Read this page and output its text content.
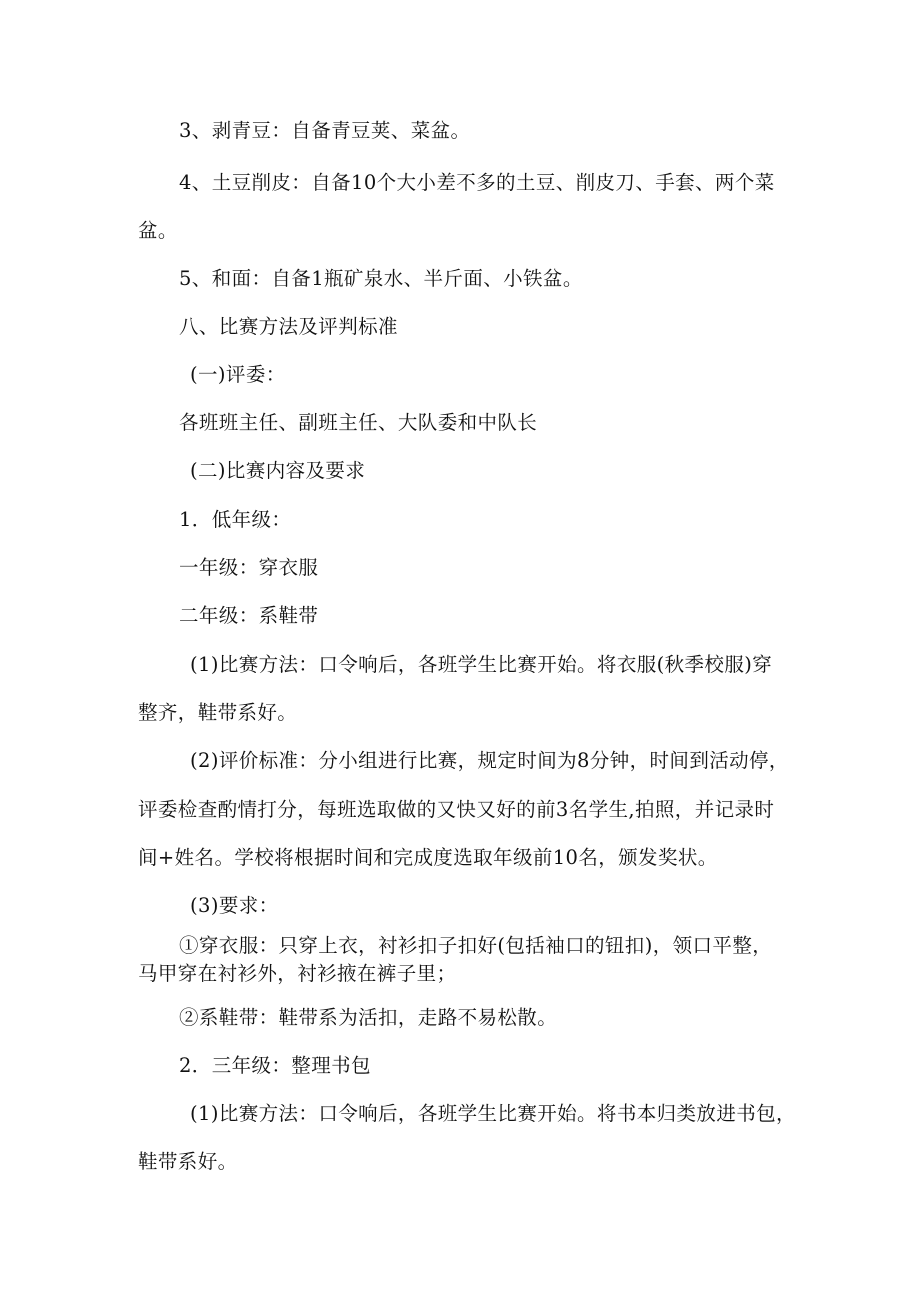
3、剥青豆：自备青豆荚、菜盆。

4、土豆削皮：自备10个大小差不多的土豆、削皮刀、手套、两个菜

盆。

5、和面：自备1瓶矿泉水、半斤面、小铁盆。

八、比赛方法及评判标准

(一)评委：

各班班主任、副班主任、大队委和中队长

(二)比赛内容及要求

1．低年级：

一年级：穿衣服

二年级：系鞋带

(1)比赛方法：口令响后，各班学生比赛开始。将衣服(秋季校服)穿

整齐，鞋带系好。

(2)评价标准：分小组进行比赛，规定时间为8分钟，时间到活动停，

评委检查酌情打分，每班选取做的又快又好的前3名学生,拍照，并记录时

间+姓名。学校将根据时间和完成度选取年级前10名，颁发奖状。

(3)要求：

①穿衣服：只穿上衣，衬衫扣子扣好(包括袖口的钮扣)，领口平整，

马甲穿在衬衫外，衬衫掖在裤子里；

②系鞋带：鞋带系为活扣，走路不易松散。

2．三年级：整理书包

(1)比赛方法：口令响后，各班学生比赛开始。将书本归类放进书包，

鞋带系好。
